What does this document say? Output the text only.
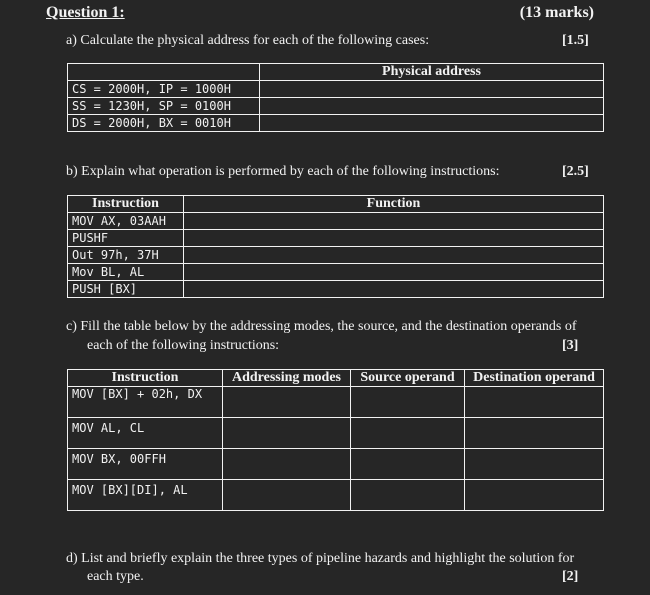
Question 1:	(13 marks)
a) Calculate the physical address for each of the following cases:	[1.5]
	Physical address
CS = 2000H, IP = 1000H	
SS = 1230H, SP = 0100H	
DS = 2000H, BX = 0010H	
b) Explain what operation is performed by each of the following instructions:	[2.5]
Instruction	Function
MOV AX, 03AAH	
PUSHF	
Out 97h, 37H	
Mov BL, AL	
PUSH [BX]	
c) Fill the table below by the addressing modes, the source, and the destination operands of
each of the following instructions:	[3]
Instruction	Addressing modes	Source operand	Destination operand
MOV [BX] + 02h, DX			
MOV AL, CL			
MOV BX, 00FFH			
MOV [BX][DI], AL			
d) List and briefly explain the three types of pipeline hazards and highlight the solution for
each type.	[2]
